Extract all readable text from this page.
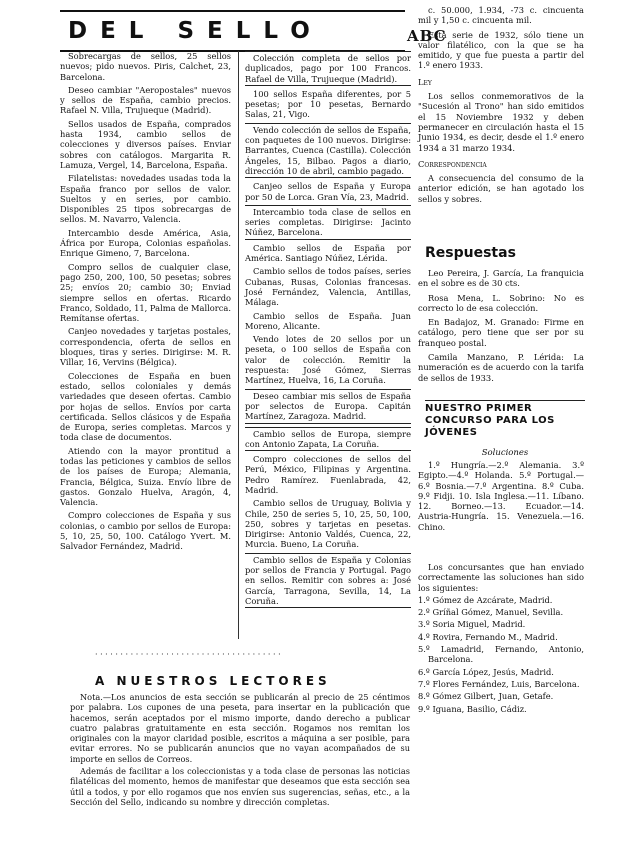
DEL SELLO	ABC

Sobrecargas de sellos, 25 sellos nuevos; pido nuevos. Piris, Calchet, 23, Barcelona.

Deseo cambiar "Aeropostales" nuevos y sellos de España, cambio precios. Rafael N. Villa, Trujueque (Madrid).

Sellos usados de España, comprados hasta 1934, cambio sellos de colecciones y diversos países. Enviar sobres con catálogos. Margarita R. Lamuza, Vergel, 14, Barcelona, España.

Filatelistas: novedades usadas toda la España franco por sellos de valor. Sueltos y en series, por cambio. Disponibles 25 tipos sobrecargas de sellos. M. Navarro, Valencia.

Intercambio desde América, Asia, África por Europa, Colonias españolas. Enrique Gimeno, 7, Barcelona.

Compro sellos de cualquier clase, pago 250, 200, 100, 50 pesetas; sobres 25; envíos 20; cambio 30; Enviad siempre sellos en ofertas. Ricardo Franco, Soldado, 11, Palma de Mallorca. Remítanse ofertas.

Canjeo novedades y tarjetas postales, correspondencia, oferta de sellos en bloques, tiras y series. Dirigirse: M. R. Villar, 16, Vervins (Bélgica).

Colecciones de España en buen estado, sellos coloniales y demás variedades que deseen ofertas. Cambio por hojas de sellos. Envíos por carta certificada. Sellos clásicos y de España de Europa, series completas. Marcos y toda clase de documentos.

Atiendo con la mayor prontitud a todas las peticiones y cambios de sellos de los países de Europa; Alemania, Francia, Bélgica, Suiza. Envío libre de gastos. Gonzalo Huelva, Aragón, 4, Valencia.

Compro colecciones de España y sus colonias, o cambio por sellos de Europa: 5, 10, 25, 50, 100. Catálogo Yvert. M. Salvador Fernández, Madrid.

Colección completa de sellos por duplicados, pago por 100 Francos. Rafael de Villa, Trujueque (Madrid).

100 sellos España diferentes, por 5 pesetas; por 10 pesetas, Bernardo Salas, 21, Vigo.

Vendo colección de sellos de España, con paquetes de 100 nuevos. Dirigirse: Barrantes, Cuenca (Castilla). Colección Ángeles, 15, Bilbao. Pagos a diario, dirección 10 de abril, cambio pagado.

Canjeo sellos de España y Europa por 50 de Lorca. Gran Vía, 23, Madrid.

Intercambio toda clase de sellos en series completas. Dirigirse: Jacinto Núñez, Barcelona.

Cambio sellos de España por América. Santiago Núñez, Lérida.

Cambio sellos de todos países, series Cubanas, Rusas, Colonias francesas. José Fernández, Valencia, Antillas, Málaga.

Cambio sellos de España. Juan Moreno, Alicante.

Vendo lotes de 20 sellos por un peseta, o 100 sellos de España con valor de colección. Remitir la respuesta: José Gómez, Sierras Martínez, Huelva, 16, La Coruña.

Deseo cambiar mis sellos de España por selectos de Europa. Capitán Martínez, Zaragoza. Madrid.

Cambio sellos de Europa, siempre con Antonio Zapata, La Coruña.

Compro colecciones de sellos del Perú, México, Filipinas y Argentina. Pedro Ramírez. Fuenlabrada, 42, Madrid.

Cambio sellos de Uruguay, Bolivia y Chile, 250 de series 5, 10, 25, 50, 100, 250, sobres y tarjetas en pesetas. Dirigirse: Antonio Valdés, Cuenca, 22, Murcia. Bueno, La Coruña.

Cambio sellos de España y Colonias por sellos de Francia y Portugal. Pago en sellos. Remitir con sobres a: José García, Tarragona, Sevilla, 14, La Coruña.

· · · · · · · · · · · · · · · · · · · · · · · · · · · · · · · · · · · · ·
A NUESTROS LECTORES

Nota.—Los anuncios de esta sección se publicarán al precio de 25 céntimos por palabra. Los cupones de una peseta, para insertar en la publicación que hacemos, serán aceptados por el mismo importe, dando derecho a publicar cuatro palabras gratuitamente en esta sección. Rogamos nos remitan los originales con la mayor claridad posible, escritos a máquina a ser posible, para evitar errores. No se publicarán anuncios que no vayan acompañados de su importe en sellos de Correos.

Además de facilitar a los coleccionistas y a toda clase de personas las noticias filatélicas del momento, hemos de manifestar que deseamos que esta sección sea útil a todos, y por ello rogamos que nos envíen sus sugerencias, señas, etc., a la Sección del Sello, indicando su nombre y dirección completas.

c. 50.000, 1.934, -73 c. cincuenta mil y 1,50 c. cincuenta mil.

Esta serie de 1932, sólo tiene un valor filatélico, con la que se ha emitido, y que fue puesta a partir del 1.º enero 1933.

Ley

Los sellos conmemorativos de la "Sucesión al Trono" han sido emitidos el 15 Noviembre 1932 y deben permanecer en circulación hasta el 15 Junio 1934, es decir, desde el 1.º enero 1934 a 31 marzo 1934.

Correspondencia

A consecuencia del consumo de la anterior edición, se han agotado los sellos y sobres.

Respuestas

Leo Pereira, J. García, La franquicia en el sobre es de 30 cts.

Rosa Mena, L. Sobrino: No es correcto lo de esa colección.

En Badajoz, M. Granado: Firme en catálogo, pero tiene que ser por su franqueo postal.

Camila Manzano, P. Lérida: La numeración es de acuerdo con la tarifa de sellos de 1933.

NUESTRO PRIMER CONCURSO PARA LOS JÓVENES
Soluciones

1.º Hungría.—2.º Alemania. 3.º Egipto.—4.º Holanda. 5.º Portugal.—6.º Bosnia.—7.º Argentina. 8.º Cuba. 9.º Fidji. 10. Isla Inglesa.—11. Líbano. 12. Borneo.—13. Ecuador.—14. Austria-Hungría. 15. Venezuela.—16. Chino.

Los concursantes que han enviado correctamente las soluciones han sido los siguientes:

1.º Gómez de Azcárate, Madrid.

2.º Gríñal Gómez, Manuel, Sevilla.

3.º Soria Miguel, Madrid.

4.º Rovira, Fernando M., Madrid.

5.º Lamadrid, Fernando, Antonio, Barcelona.

6.º García López, Jesús, Madrid.

7.º Flores Fernández, Luis, Barcelona.

8.º Gómez Gilbert, Juan, Getafe.

9.º Iguana, Basilio, Cádiz.
